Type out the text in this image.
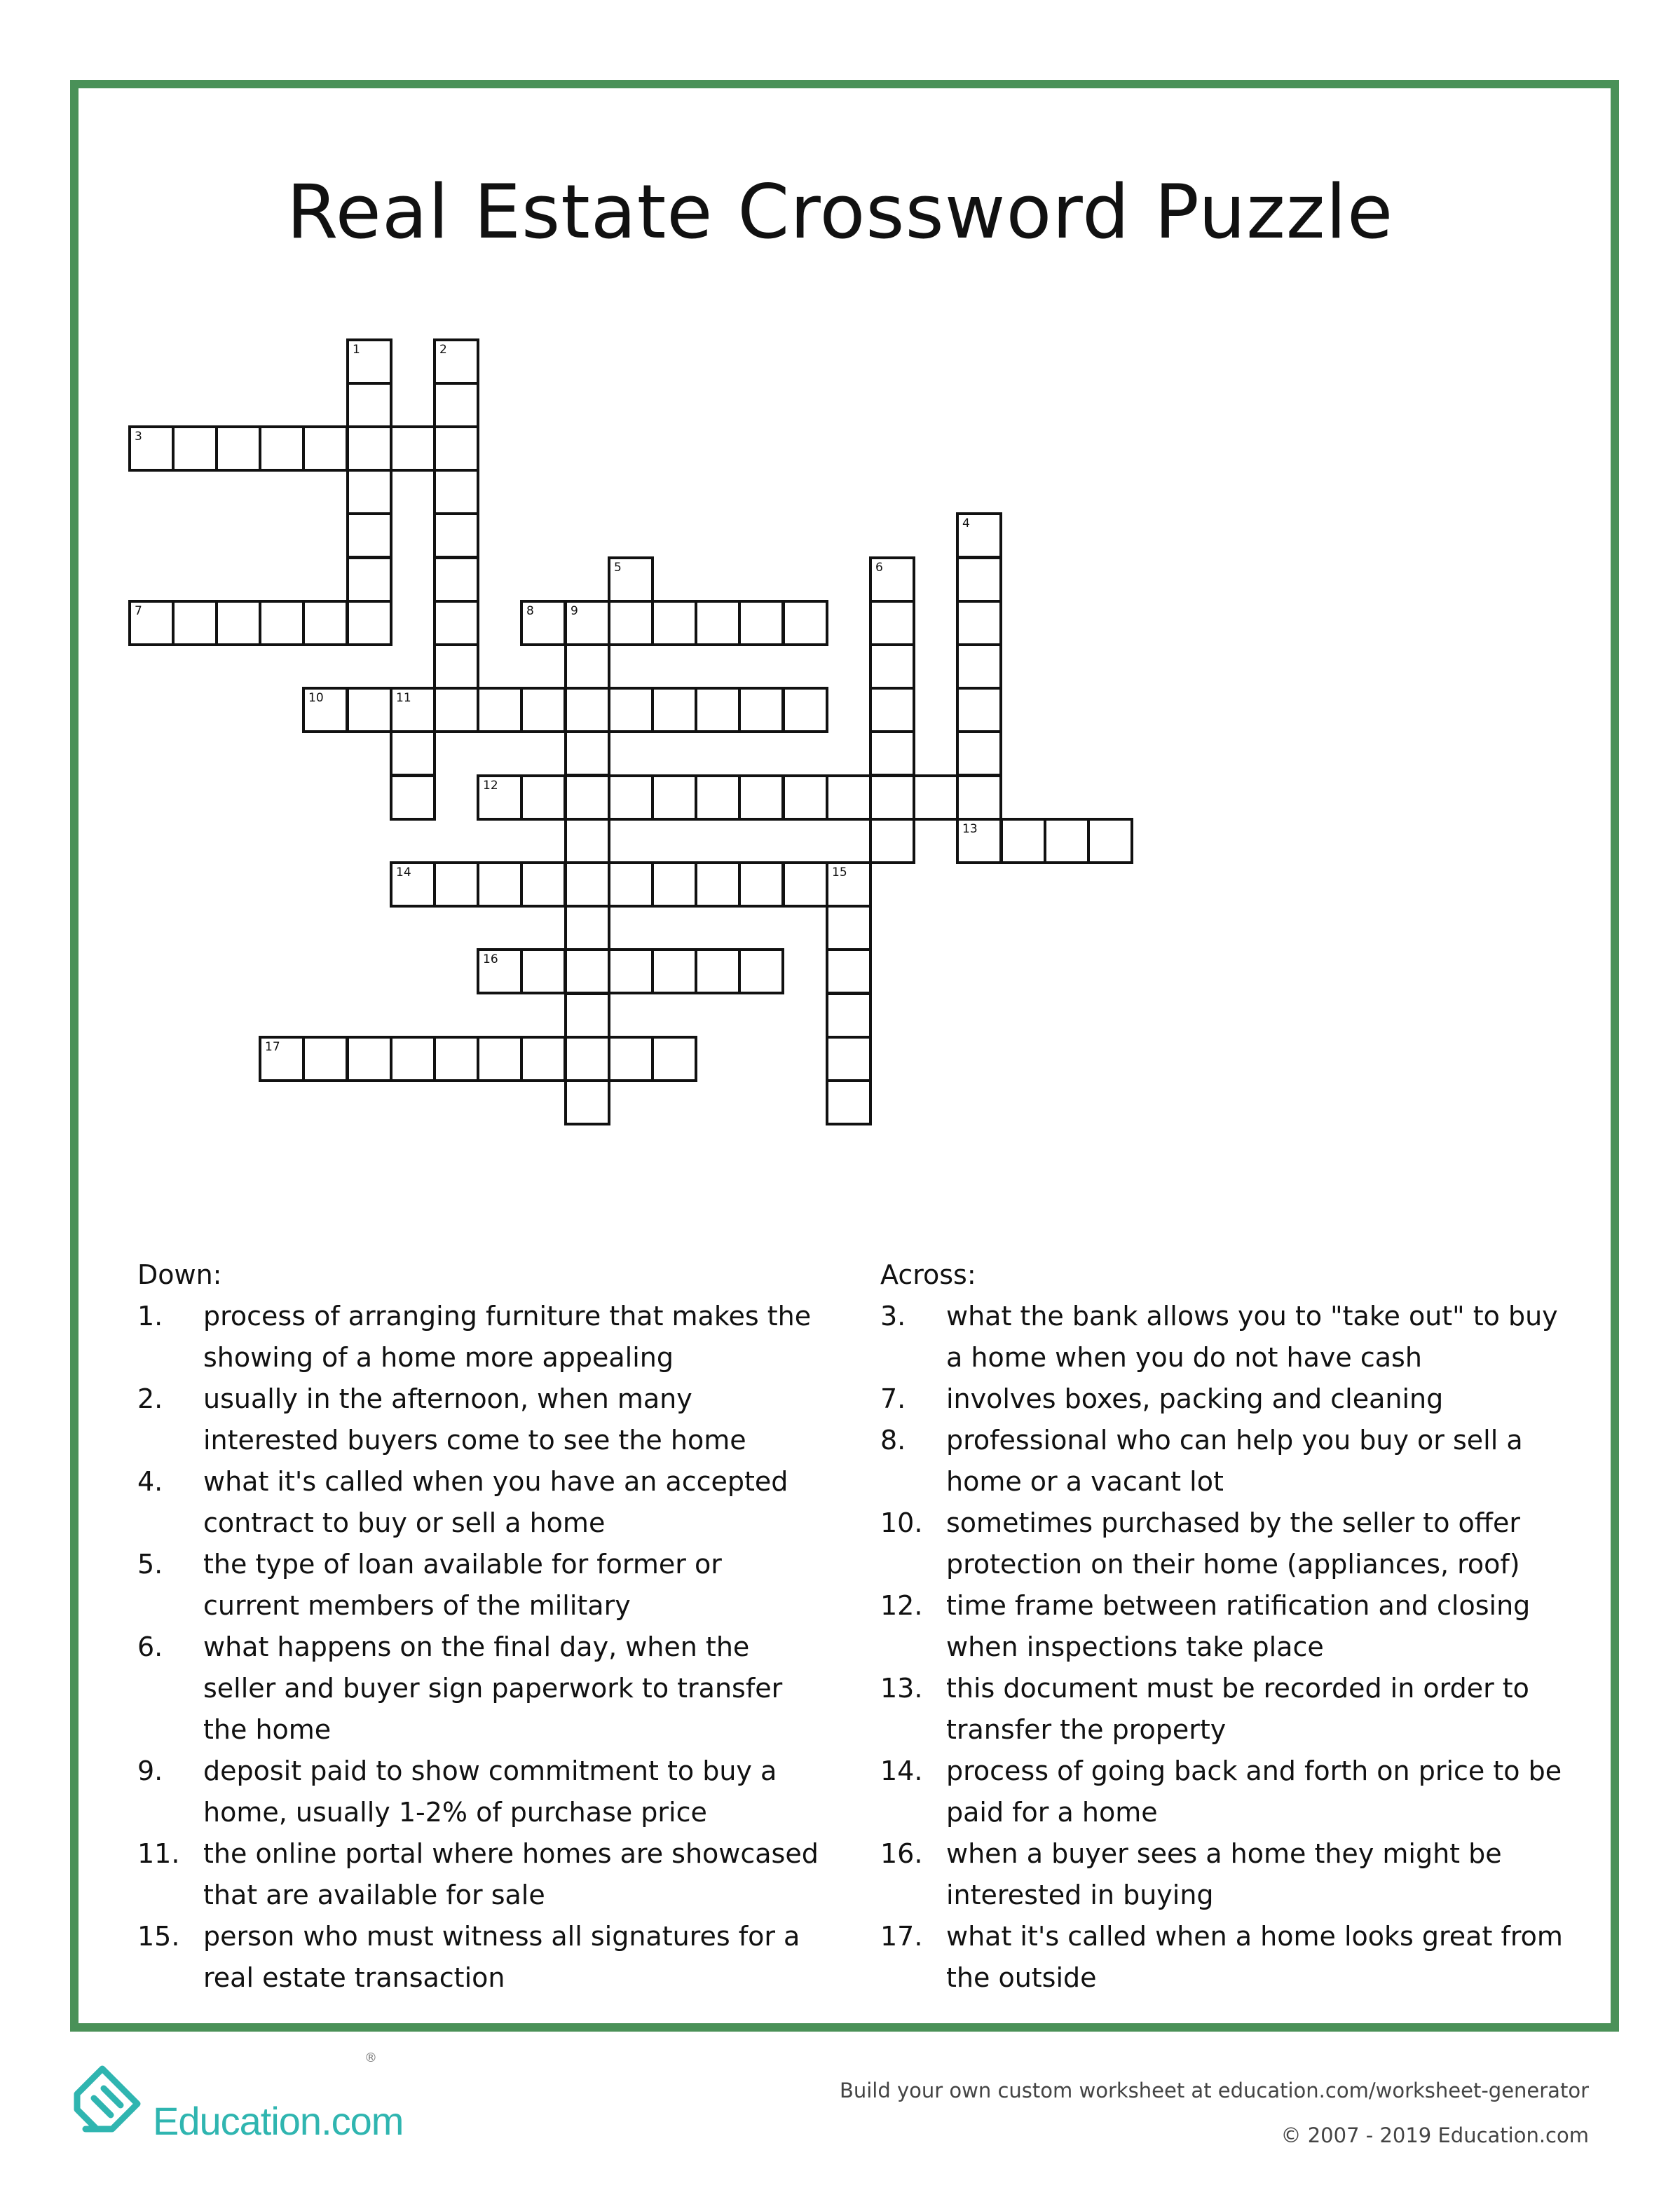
Real Estate Crossword Puzzle
1	2
3
4
5	6
7	8	9
10	11
12
13
14	15
16
17
Down:
1.	process of arranging furniture that makes the showing of a home more appealing
2.	usually in the afternoon, when many interested buyers come to see the home
4.	what it's called when you have an accepted contract to buy or sell a home
5.	the type of loan available for former or current members of the military
6.	what happens on the final day, when the seller and buyer sign paperwork to transfer the home
9.	deposit paid to show commitment to buy a home, usually 1-2% of purchase price
11. the online portal where homes are showcased that are available for sale
15. person who must witness all signatures for a real estate transaction
Across:
3.	what the bank allows you to "take out" to buy a home when you do not have cash
7.	involves boxes, packing and cleaning
8.	professional who can help you buy or sell a home or a vacant lot
10. sometimes purchased by the seller to offer protection on their home (appliances, roof)
12. time frame between ratification and closing when inspections take place
13. this document must be recorded in order to transfer the property
14. process of going back and forth on price to be paid for a home
16. when a buyer sees a home they might be interested in buying
17. what it's called when a home looks great from the outside
Education.com
®
Build your own custom worksheet at education.com/worksheet-generator
© 2007 - 2019 Education.com
